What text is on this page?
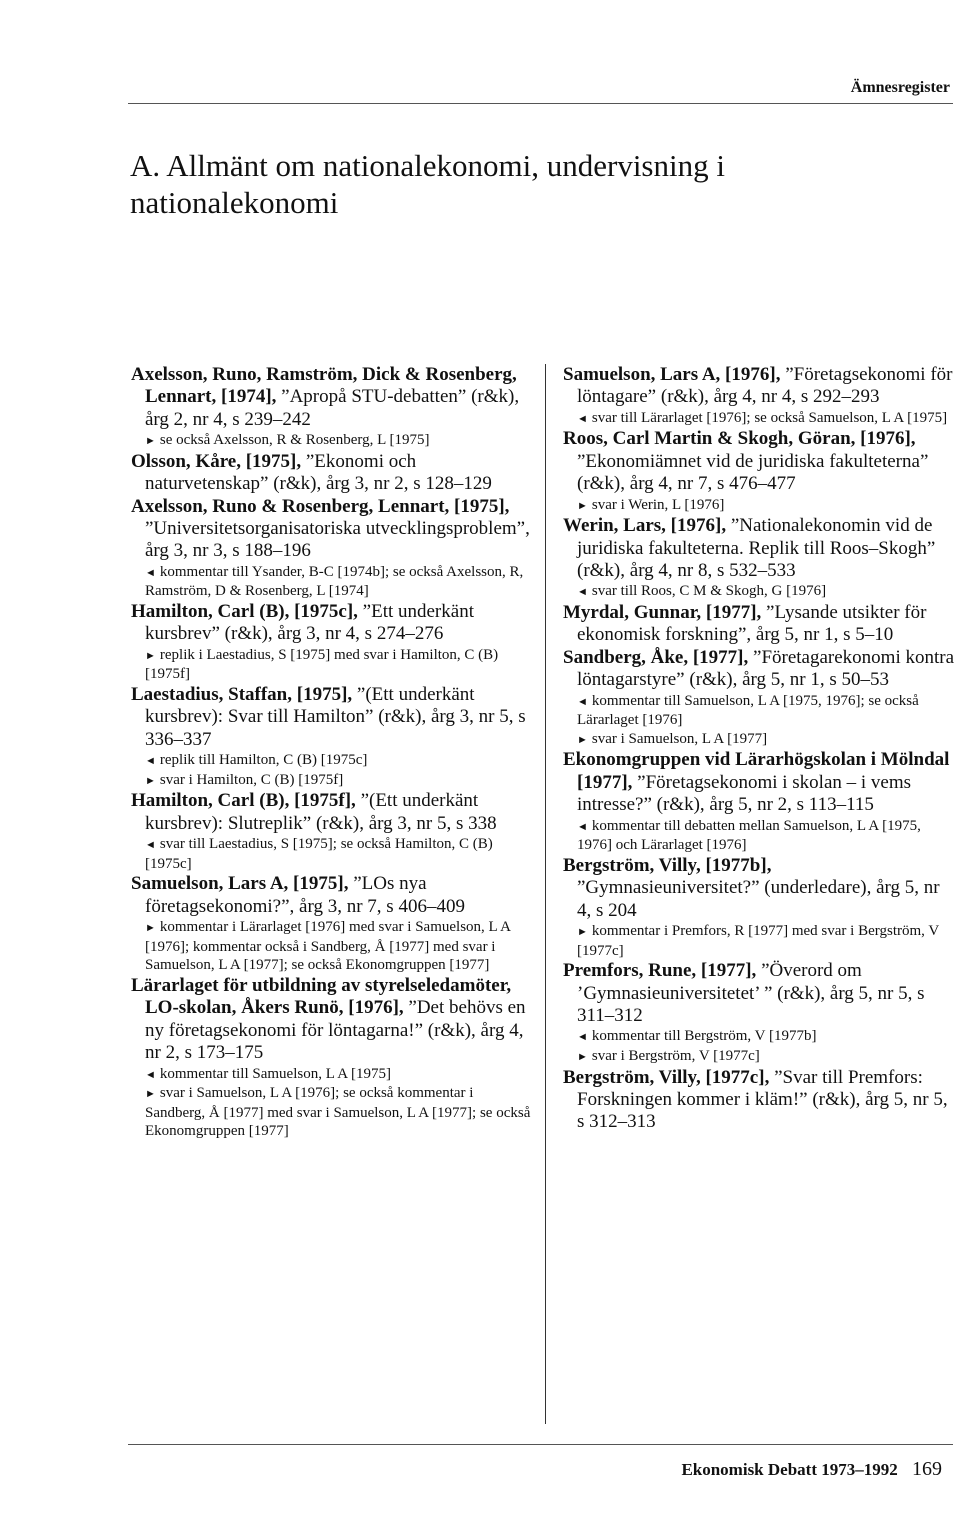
Ämnesregister
A. Allmänt om nationalekonomi, undervisning i nationalekonomi

Axelsson, Runo, Ramström, Dick & Rosenberg, Lennart, [1974], ”Apropå STU-debatten” (r&k), årg 2, nr 4, s 239–242

► se också Axelsson, R & Rosenberg, L [1975]

Olsson, Kåre, [1975], ”Ekonomi och naturvetenskap” (r&k), årg 3, nr 2, s 128–129

Axelsson, Runo & Rosenberg, Lennart, [1975], ”Universitetsorganisatoriska utvecklingsproblem”, årg 3, nr 3, s 188–196

◄ kommentar till Ysander, B-C [1974b]; se också Axelsson, R, Ramström, D & Rosenberg, L [1974]

Hamilton, Carl (B), [1975c], ”Ett underkänt kursbrev” (r&k), årg 3, nr 4, s 274–276

► replik i Laestadius, S [1975] med svar i Hamilton, C (B) [1975f]

Laestadius, Staffan, [1975], ”(Ett underkänt kursbrev): Svar till Hamilton” (r&k), årg 3, nr 5, s 336–337

◄ replik till Hamilton, C (B) [1975c]

► svar i Hamilton, C (B) [1975f]

Hamilton, Carl (B), [1975f], ”(Ett underkänt kursbrev): Slutreplik” (r&k), årg 3, nr 5, s 338

◄ svar till Laestadius, S [1975]; se också Hamilton, C (B) [1975c]

Samuelson, Lars A, [1975], ”LOs nya företagsekonomi?”, årg 3, nr 7, s 406–409

► kommentar i Lärarlaget [1976] med svar i Samuelson, L A [1976]; kommentar också i Sandberg, Å [1977] med svar i Samuelson, L A [1977]; se också Ekonomgruppen [1977]

Lärarlaget för utbildning av styrelseledamöter, LO-skolan, Åkers Runö, [1976], ”Det behövs en ny företagsekonomi för löntagarna!” (r&k), årg 4, nr 2, s 173–175

◄ kommentar till Samuelson, L A [1975]

► svar i Samuelson, L A [1976]; se också kommentar i Sandberg, Å [1977] med svar i Samuelson, L A [1977]; se också Ekonomgruppen [1977]

Samuelson, Lars A, [1976], ”Företagsekonomi för löntagare” (r&k), årg 4, nr 4, s 292–293

◄ svar till Lärarlaget [1976]; se också Samuelson, L A [1975]

Roos, Carl Martin & Skogh, Göran, [1976], ”Ekonomiämnet vid de juridiska fakulteterna” (r&k), årg 4, nr 7, s 476–477

► svar i Werin, L [1976]

Werin, Lars, [1976], ”Nationalekonomin vid de juridiska fakulteterna. Replik till Roos–Skogh” (r&k), årg 4, nr 8, s 532–533

◄ svar till Roos, C M & Skogh, G [1976]

Myrdal, Gunnar, [1977], ”Lysande utsikter för ekonomisk forskning”, årg 5, nr 1, s 5–10

Sandberg, Åke, [1977], ”Företagarekonomi kontra löntagarstyre” (r&k), årg 5, nr 1, s 50–53

◄ kommentar till Samuelson, L A [1975, 1976]; se också Lärarlaget [1976]

► svar i Samuelson, L A [1977]

Ekonomgruppen vid Lärarhögskolan i Mölndal [1977], ”Företagsekonomi i skolan – i vems intresse?” (r&k), årg 5, nr 2, s 113–115

◄ kommentar till debatten mellan Samuelson, L A [1975, 1976] och Lärarlaget [1976]

Bergström, Villy, [1977b], ”Gymnasieuniversitet?” (underledare), årg 5, nr 4, s 204

► kommentar i Premfors, R [1977] med svar i Bergström, V [1977c]

Premfors, Rune, [1977], ”Överord om ’Gymnasieuniversitetet’ ” (r&k), årg 5, nr 5, s 311–312

◄ kommentar till Bergström, V [1977b]

► svar i Bergström, V [1977c]

Bergström, Villy, [1977c], ”Svar till Premfors: Forskningen kommer i kläm!” (r&k), årg 5, nr 5, s 312–313

Ekonomisk Debatt 1973–1992 169
